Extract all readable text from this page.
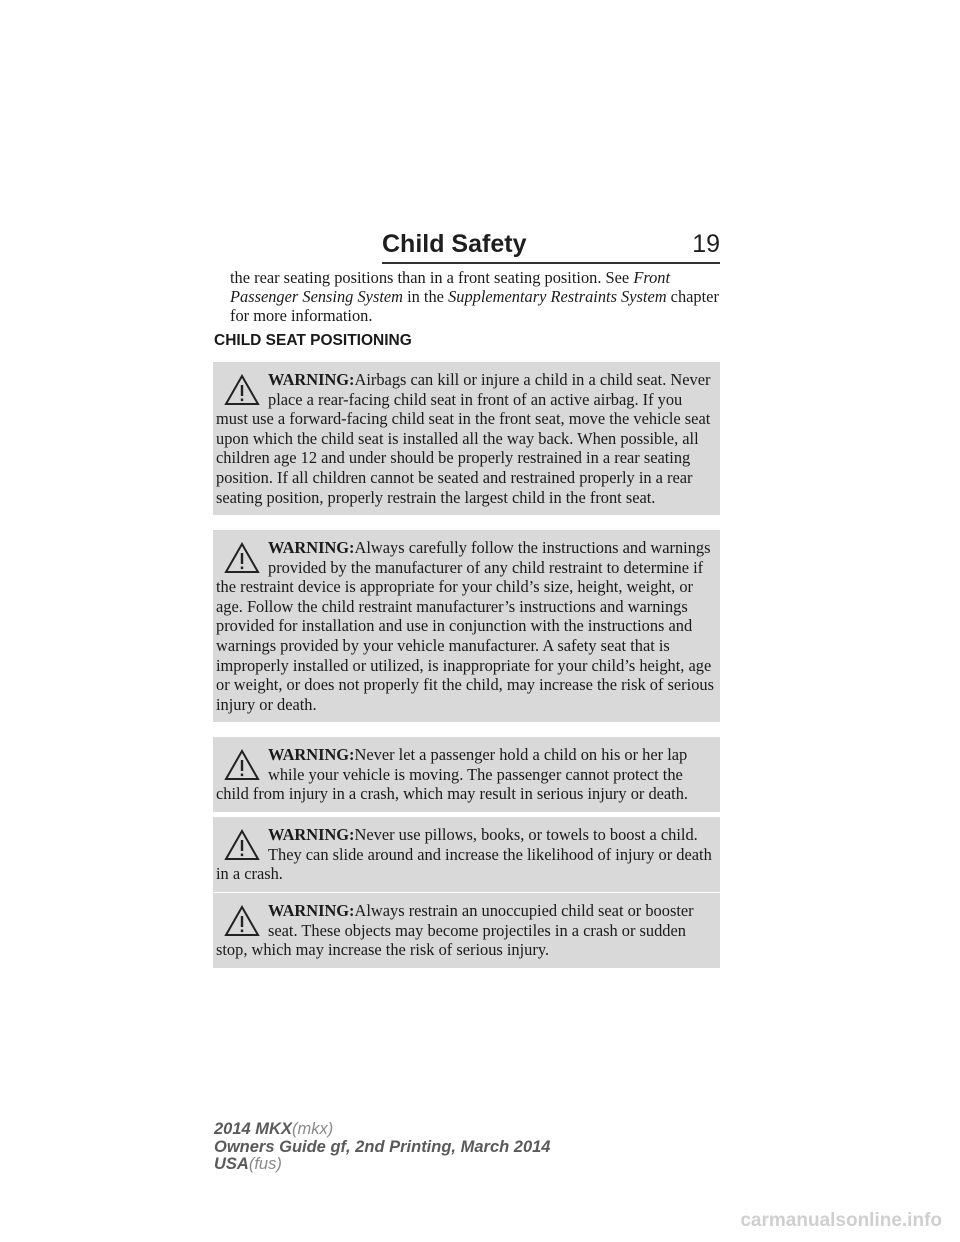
Child Safety	19

the rear seating positions than in a front seating position. See Front Passenger Sensing System in the Supplementary Restraints System chapter for more information.

CHILD SEAT POSITIONING

WARNING:Airbags can kill or injure a child in a child seat. Never place a rear-facing child seat in front of an active airbag. If you must use a forward-facing child seat in the front seat, move the vehicle seat upon which the child seat is installed all the way back. When possible, all children age 12 and under should be properly restrained in a rear seating position. If all children cannot be seated and restrained properly in a rear seating position, properly restrain the largest child in the front seat.

WARNING:Always carefully follow the instructions and warnings provided by the manufacturer of any child restraint to determine if the restraint device is appropriate for your child’s size, height, weight, or age. Follow the child restraint manufacturer’s instructions and warnings provided for installation and use in conjunction with the instructions and warnings provided by your vehicle manufacturer. A safety seat that is improperly installed or utilized, is inappropriate for your child’s height, age or weight, or does not properly fit the child, may increase the risk of serious injury or death.

WARNING:Never let a passenger hold a child on his or her lap while your vehicle is moving. The passenger cannot protect the child from injury in a crash, which may result in serious injury or death.

WARNING:Never use pillows, books, or towels to boost a child. They can slide around and increase the likelihood of injury or death in a crash.

WARNING:Always restrain an unoccupied child seat or booster seat. These objects may become projectiles in a crash or sudden stop, which may increase the risk of serious injury.

2014 MKX(mkx)
Owners Guide gf, 2nd Printing, March 2014
USA(fus)
carmanualsonline.info
